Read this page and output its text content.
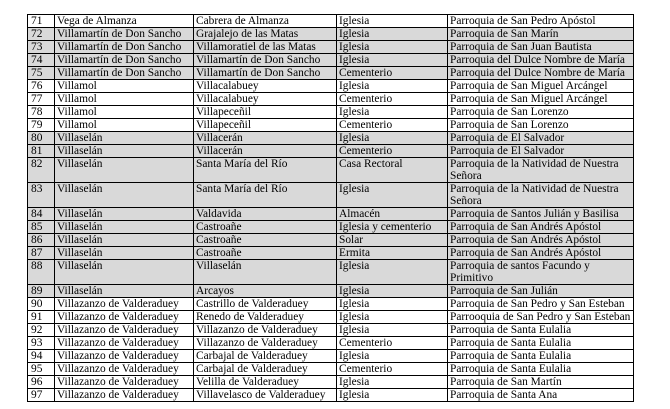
71	Vega de Almanza	Cabrera de Almanza	Iglesia	Parroquia de San Pedro Apóstol
72	Villamartín de Don Sancho	Grajalejo de las Matas	Iglesia	Parroquia de San Marín
73	Villamartín de Don Sancho	Villamoratiel de las Matas	Iglesia	Parroquia de San Juan Bautista
74	Villamartín de Don Sancho	Villamartín de Don Sancho	Iglesia	Parroquia del Dulce Nombre de María
75	Villamartín de Don Sancho	Villamartín de Don Sancho	Cementerio	Parroquia del Dulce Nombre de María
76	Villamol	Villacalabuey	Iglesia	Parroquia de San Miguel Arcángel
77	Villamol	Villacalabuey	Cementerio	Parroquia de San Miguel Arcángel
78	Villamol	Villapeceñil	Iglesia	Parroquia de San Lorenzo
79	Villamol	Villapeceñil	Cementerio	Parroquia de San Lorenzo
80	Villaselán	Villacerán	Iglesia	Parroquia de El Salvador
81	Villaselán	Villacerán	Cementerio	Parroquia de El Salvador
82	Villaselán	Santa María del Río	Casa Rectoral	Parroquia de la Natividad de Nuestra Señora
83	Villaselán	Santa María del Río	Iglesia	Parroquia de la Natividad de Nuestra Señora
84	Villaselán	Valdavida	Almacén	Parroquia de Santos Julián y Basilisa
85	Villaselán	Castroañe	Iglesia y cementerio	Parroquia de San Andrés Apóstol
86	Villaselán	Castroañe	Solar	Parroquia de San Andrés Apóstol
87	Villaselán	Castroañe	Ermita	Parroquia de San Andrés Apóstol
88	Villaselán	Villaselán	Iglesia	Parroquia de santos Facundo y Primitivo
89	Villaselán	Arcayos	Iglesia	Parroquia de San Julián
90	Villazanzo de Valderaduey	Castrillo de Valderaduey	Iglesia	Parroquia de San Pedro y San Esteban
91	Villazanzo de Valderaduey	Renedo de Valderaduey	Iglesia	Parrooquia de San Pedro y San Esteban
92	Villazanzo de Valderaduey	Villazanzo de Valderaduey	Iglesia	Parroquia de Santa Eulalia
93	Villazanzo de Valderaduey	Villazanzo de Valderaduey	Cementerio	Parroquia de Santa Eulalia
94	Villazanzo de Valderaduey	Carbajal de Valderaduey	Iglesia	Parroquia de Santa Eulalia
95	Villazanzo de Valderaduey	Carbajal de Valderaduey	Cementerio	Parroquia de Santa Eulalia
96	Villazanzo de Valderaduey	Velilla de Valderaduey	Iglesia	Parroquia de San Martín
97	Villazanzo de Valderaduey	Villavelasco de Valderaduey	Iglesia	Parroquia de Santa Ana
